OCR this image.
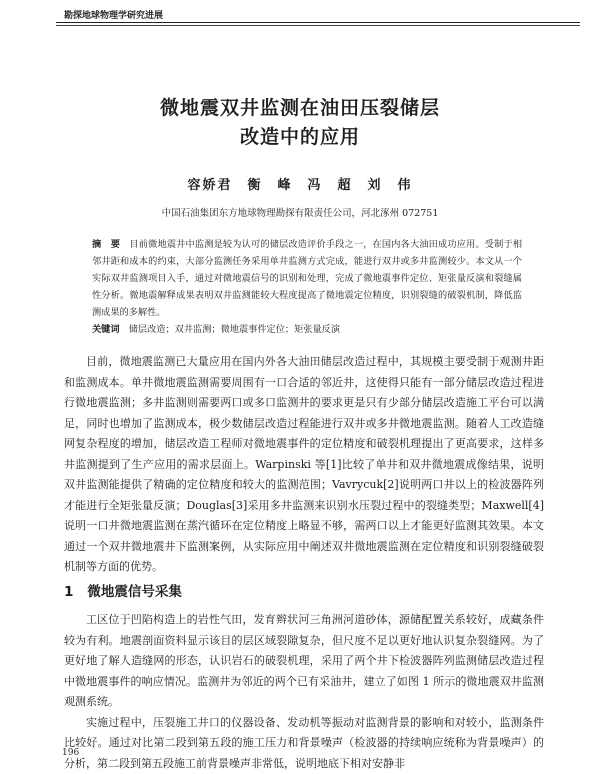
勘探地球物理学研究进展
微地震双井监测在油田压裂储层
改造中的应用
容娇君　衡　峰　冯　超　刘　伟
中国石油集团东方地球物理勘探有限责任公司，河北涿州 072751
摘　要　 目前微地震井中监测是较为认可的储层改造评价手段之一，在国内各大油田成功应用。受制于相邻井距和成本的约束，大部分监测任务采用单井监测方式完成，能进行双井或多井监测较少。本文从一个实际双井监测项目入手，通过对微地震信号的识别和处理，完成了微地震事件定位、矩张量反演和裂缝属性分析。微地震解释成果表明双井监测能较大程度提高了微地震定位精度，识别裂缝的破裂机制，降低监测成果的多解性。
关键词　 储层改造；双井监测；微地震事件定位；矩张量反演

目前，微地震监测已大量应用在国内外各大油田储层改造过程中，其规模主要受制于观测井距和监测成本。单井微地震监测需要周围有一口合适的邻近井，这使得只能有一部分储层改造过程进行微地震监测；多井监测则需要两口或多口监测井的要求更是只有少部分储层改造施工平台可以满足，同时也增加了监测成本，极少数储层改造过程能进行双井或多井微地震监测。随着人工改造缝网复杂程度的增加，储层改造工程师对微地震事件的定位精度和破裂机理提出了更高要求，这样多井监测提到了生产应用的需求层面上。Warpinski 等[1]比较了单井和双井微地震成像结果，说明双井监测能提供了精确的定位精度和较大的监测范围；Vavrycuk[2]说明两口井以上的检波器阵列才能进行全矩张量反演；Douglas[3]采用多井监测来识别水压裂过程中的裂缝类型；Maxwell[4]说明一口井微地震监测在蒸汽循环在定位精度上略显不够，需两口以上才能更好监测其效果。本文通过一个双井微地震井下监测案例，从实际应用中阐述双井微地震监测在定位精度和识别裂缝破裂机制等方面的优势。

1 微地震信号采集

工区位于凹陷构造上的岩性气田，发育辫状河三角洲河道砂体，源储配置关系较好，成藏条件较为有利。地震剖面资料显示该目的层区域裂隙复杂，但尺度不足以更好地认识复杂裂缝网。为了更好地了解人造缝网的形态，认识岩石的破裂机理，采用了两个井下检波器阵列监测储层改造过程中微地震事件的响应情况。监测井为邻近的两个已有采油井，建立了如图 1 所示的微地震双井监测观测系统。

实施过程中，压裂施工井口的仪器设备、发动机等振动对监测背景的影响和对较小，监测条件比较好。通过对比第二段到第五段的施工压力和背景噪声（检波器的持续响应统称为背景噪声）的分析，第二段到第五段施工前背景噪声非常低，说明地底下相对安静非

196
